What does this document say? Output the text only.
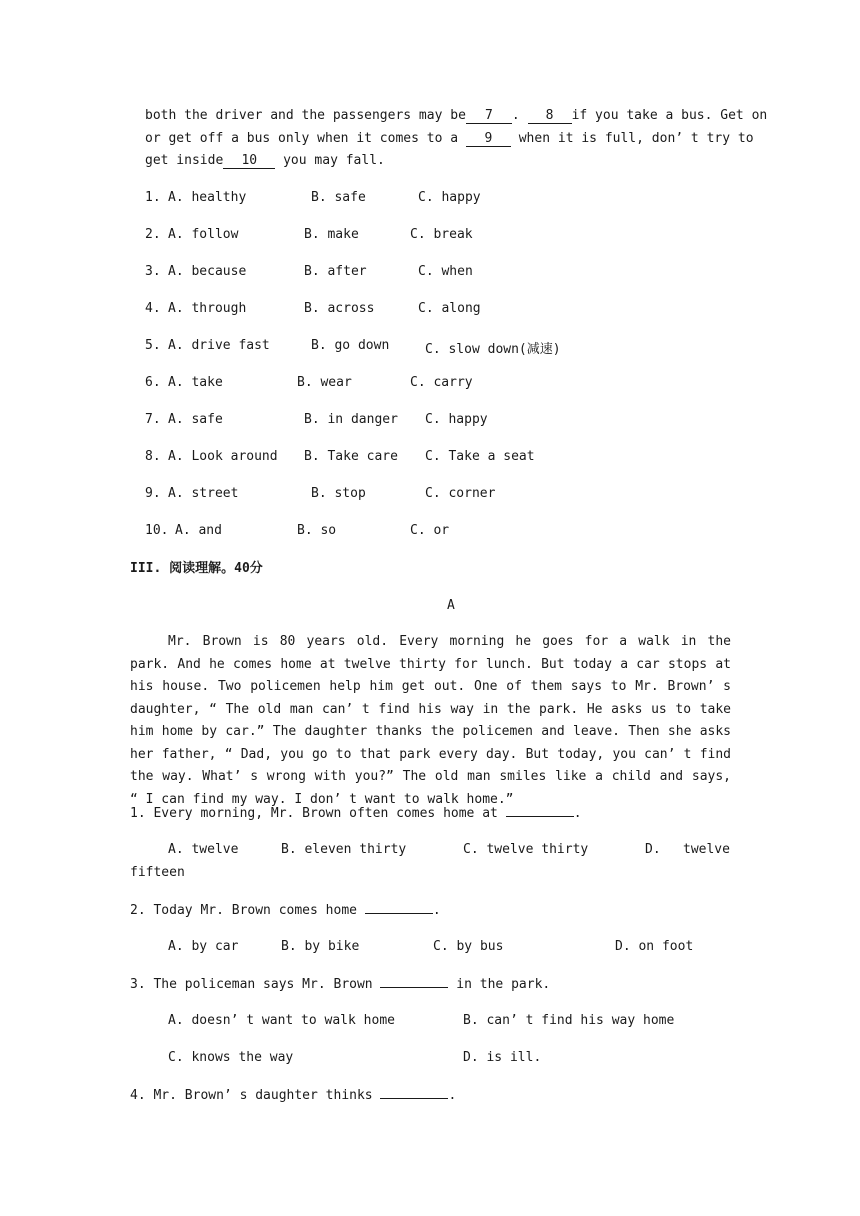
both the driver and the passengers may be 7 . 8 if you take a bus. Get on
or get off a bus only when it comes to a 9 when it is full, don’ t try to
get inside 10 you may fall.
1. A. healthy	B. safe	C. happy
2. A. follow	B. make	C. break
3. A. because	B. after	C. when
4. A. through	B. across	C. along
5. A. drive fast	B. go down	C. slow down(减速)
6. A. take	B. wear	C. carry
7. A. safe	B. in danger C. happy
8. A. Look around B. Take care C. Take a seat
9. A. street	B. stop	C. corner
10. A. and	B. so	C. or
III. 阅读理解。40分
A
Mr. Brown is 80 years old. Every morning he goes for a walk in the park. And he comes home at twelve thirty for lunch. But today a car stops at his house. Two policemen help him get out. One of them says to Mr. Brown’ s daughter, “ The old man can’ t find his way in the park. He asks us to take him home by car.” The daughter thanks the policemen and leave. Then she asks her father, “ Dad, you go to that park every day. But today, you can’ t find the way. What’ s wrong with you?” The old man smiles like a child and says, “ I can find my way. I don’ t want to walk home.”
1. Every morning, Mr. Brown often comes home at	.
A. twelve	B. eleven thirty	C. twelve thirty	D. twelve
fifteen
2. Today Mr. Brown comes home	.
A. by car	B. by bike	C. by bus	D. on foot
3. The policeman says Mr. Brown	in the park.
A. doesn’ t want to walk home	B. can’ t find his way home
C. knows the way	D. is ill.
4. Mr. Brown’ s daughter thinks	.
